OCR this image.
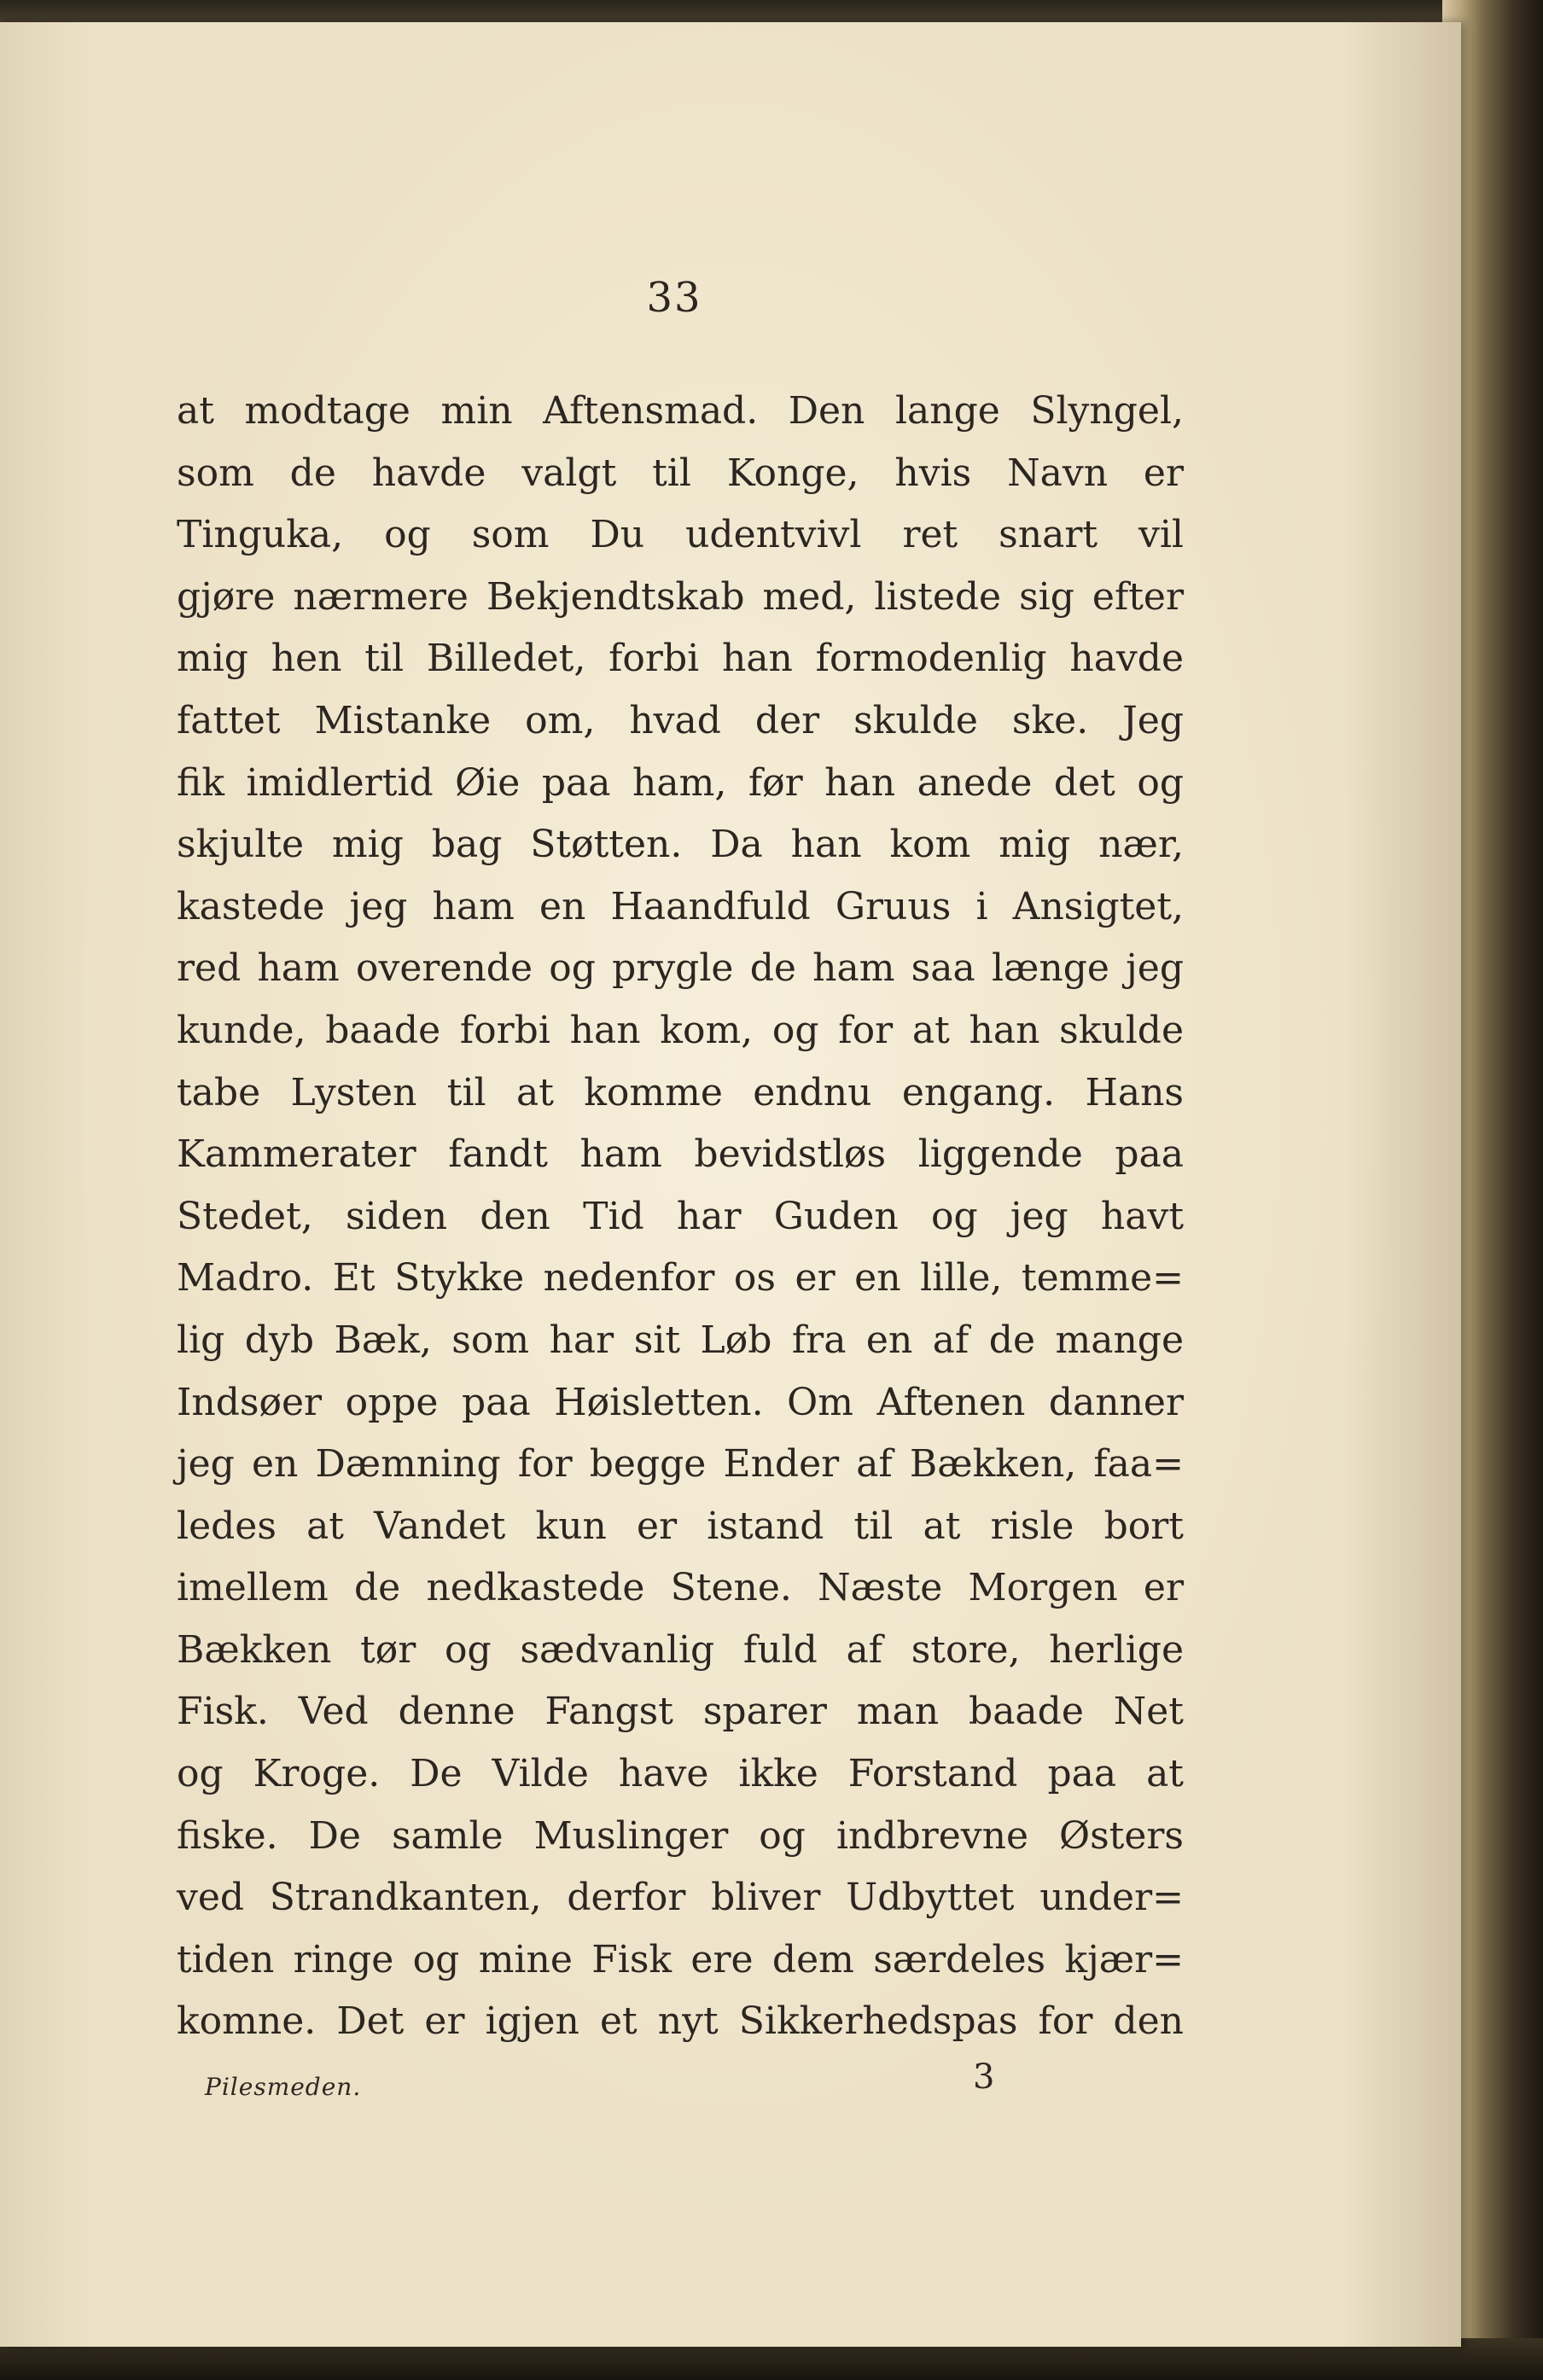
33
at modtage min Aftensmad. Den lange Slyngel,
som de havde valgt til Konge, hvis Navn er
Tinguka, og som Du udentvivl ret snart vil
gjøre nærmere Bekjendtskab med, listede sig efter
mig hen til Billedet, forbi han formodenlig havde
fattet Mistanke om, hvad der skulde ske. Jeg
fik imidlertid Øie paa ham, før han anede det og
skjulte mig bag Støtten. Da han kom mig nær,
kastede jeg ham en Haandfuld Gruus i Ansigtet,
red ham overende og prygle de ham saa længe jeg
kunde, baade forbi han kom, og for at han skulde
tabe Lysten til at komme endnu engang. Hans
Kammerater fandt ham bevidstløs liggende paa
Stedet, siden den Tid har Guden og jeg havt
Madro. Et Stykke nedenfor os er en lille, temme=
lig dyb Bæk, som har sit Løb fra en af de mange
Indsøer oppe paa Høisletten. Om Aftenen danner
jeg en Dæmning for begge Ender af Bækken, faa=
ledes at Vandet kun er istand til at risle bort
imellem de nedkastede Stene. Næste Morgen er
Bækken tør og sædvanlig fuld af store, herlige
Fisk. Ved denne Fangst sparer man baade Net
og Kroge. De Vilde have ikke Forstand paa at
fiske. De samle Muslinger og indbrevne Østers
ved Strandkanten, derfor bliver Udbyttet under=
tiden ringe og mine Fisk ere dem særdeles kjær=
komne. Det er igjen et nyt Sikkerhedspas for den
Pilesmeden.	3
